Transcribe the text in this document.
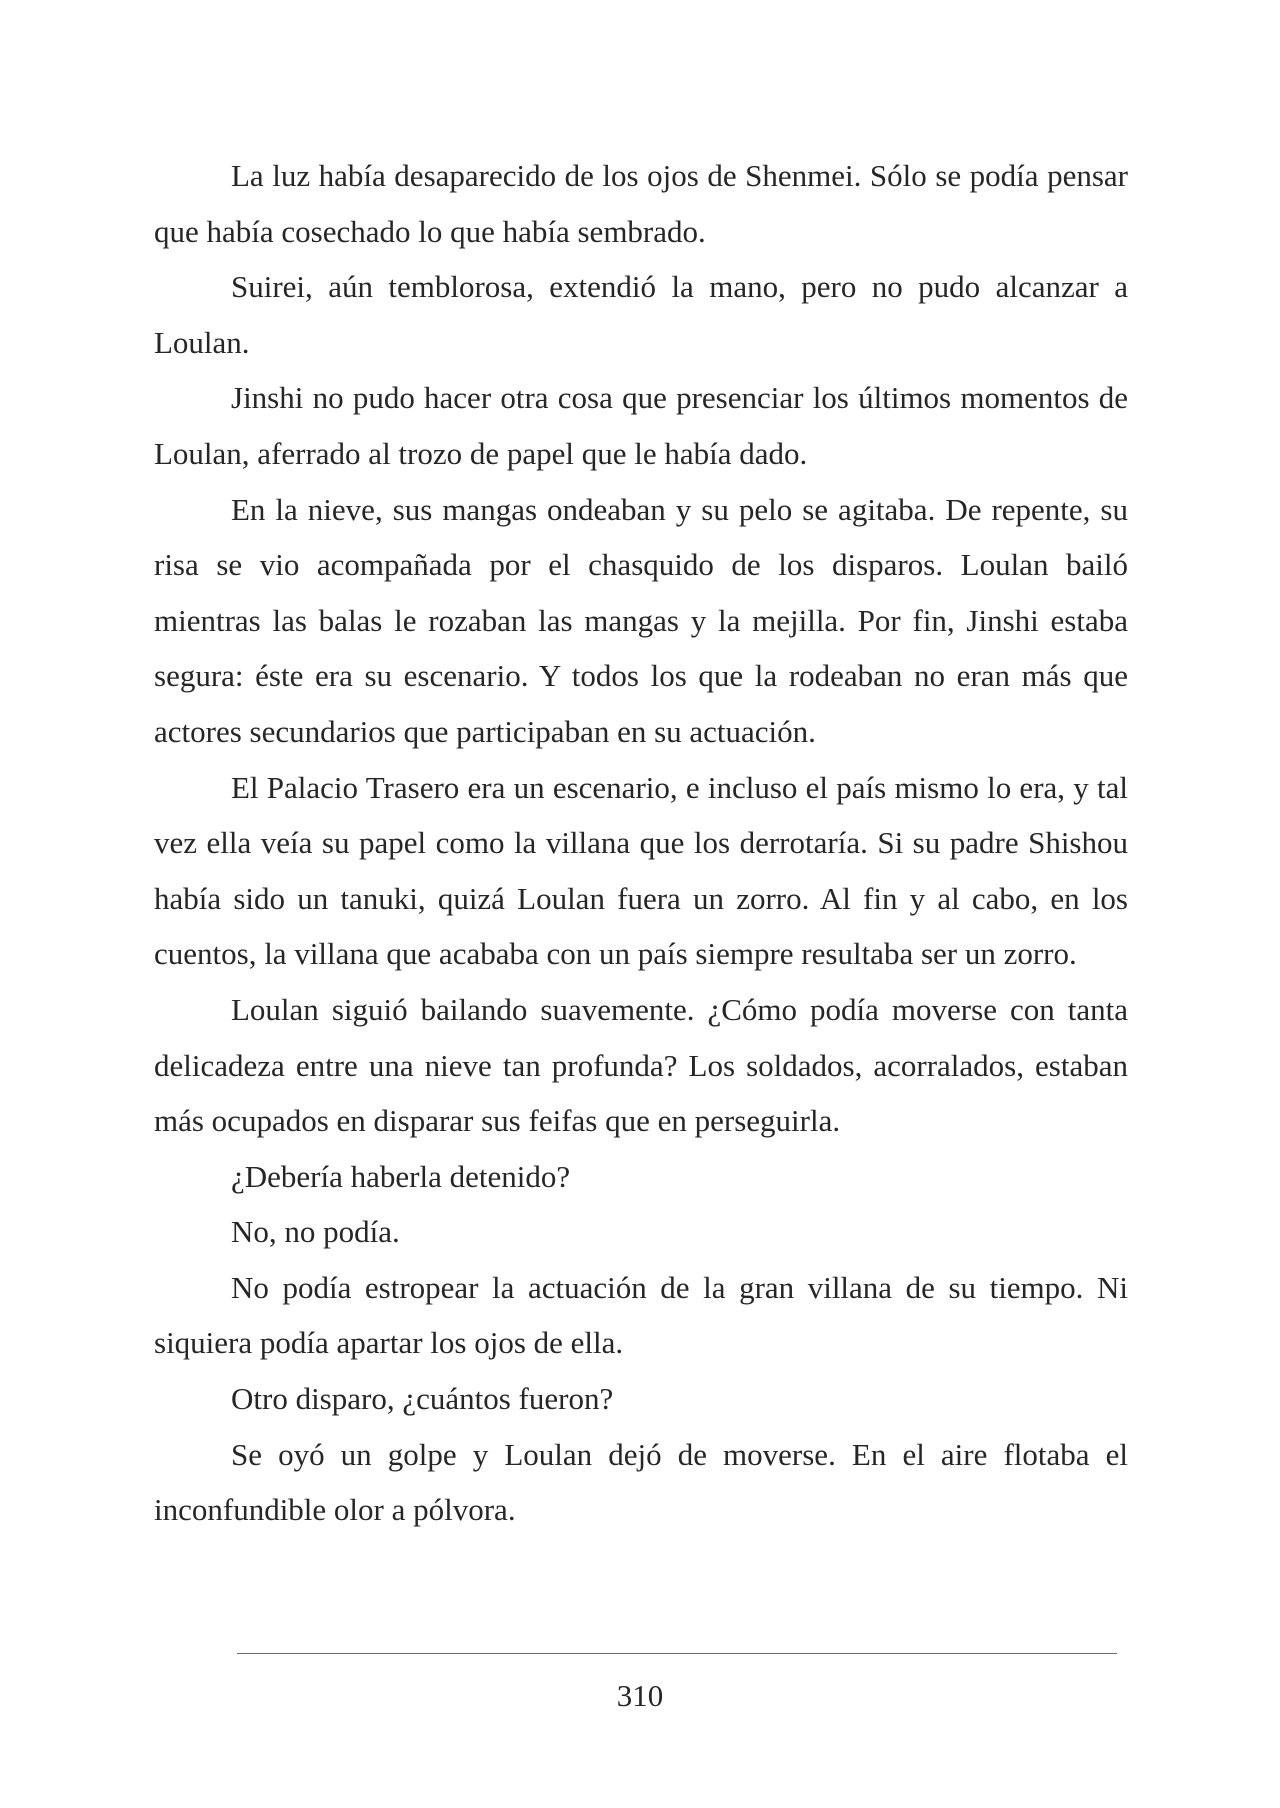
La luz había desaparecido de los ojos de Shenmei. Sólo se podía pensar que había cosechado lo que había sembrado.

Suirei, aún temblorosa, extendió la mano, pero no pudo alcanzar a Loulan.

Jinshi no pudo hacer otra cosa que presenciar los últimos momentos de Loulan, aferrado al trozo de papel que le había dado.

En la nieve, sus mangas ondeaban y su pelo se agitaba. De repente, su risa se vio acompañada por el chasquido de los disparos. Loulan bailó mientras las balas le rozaban las mangas y la mejilla. Por fin, Jinshi estaba segura: éste era su escenario. Y todos los que la rodeaban no eran más que actores secundarios que participaban en su actuación.

El Palacio Trasero era un escenario, e incluso el país mismo lo era, y tal vez ella veía su papel como la villana que los derrotaría. Si su padre Shishou había sido un tanuki, quizá Loulan fuera un zorro. Al fin y al cabo, en los cuentos, la villana que acababa con un país siempre resultaba ser un zorro.

Loulan siguió bailando suavemente. ¿Cómo podía moverse con tanta delicadeza entre una nieve tan profunda? Los soldados, acorralados, estaban más ocupados en disparar sus feifas que en perseguirla.

¿Debería haberla detenido?

No, no podía.

No podía estropear la actuación de la gran villana de su tiempo. Ni siquiera podía apartar los ojos de ella.

Otro disparo, ¿cuántos fueron?

Se oyó un golpe y Loulan dejó de moverse. En el aire flotaba el inconfundible olor a pólvora.

310
